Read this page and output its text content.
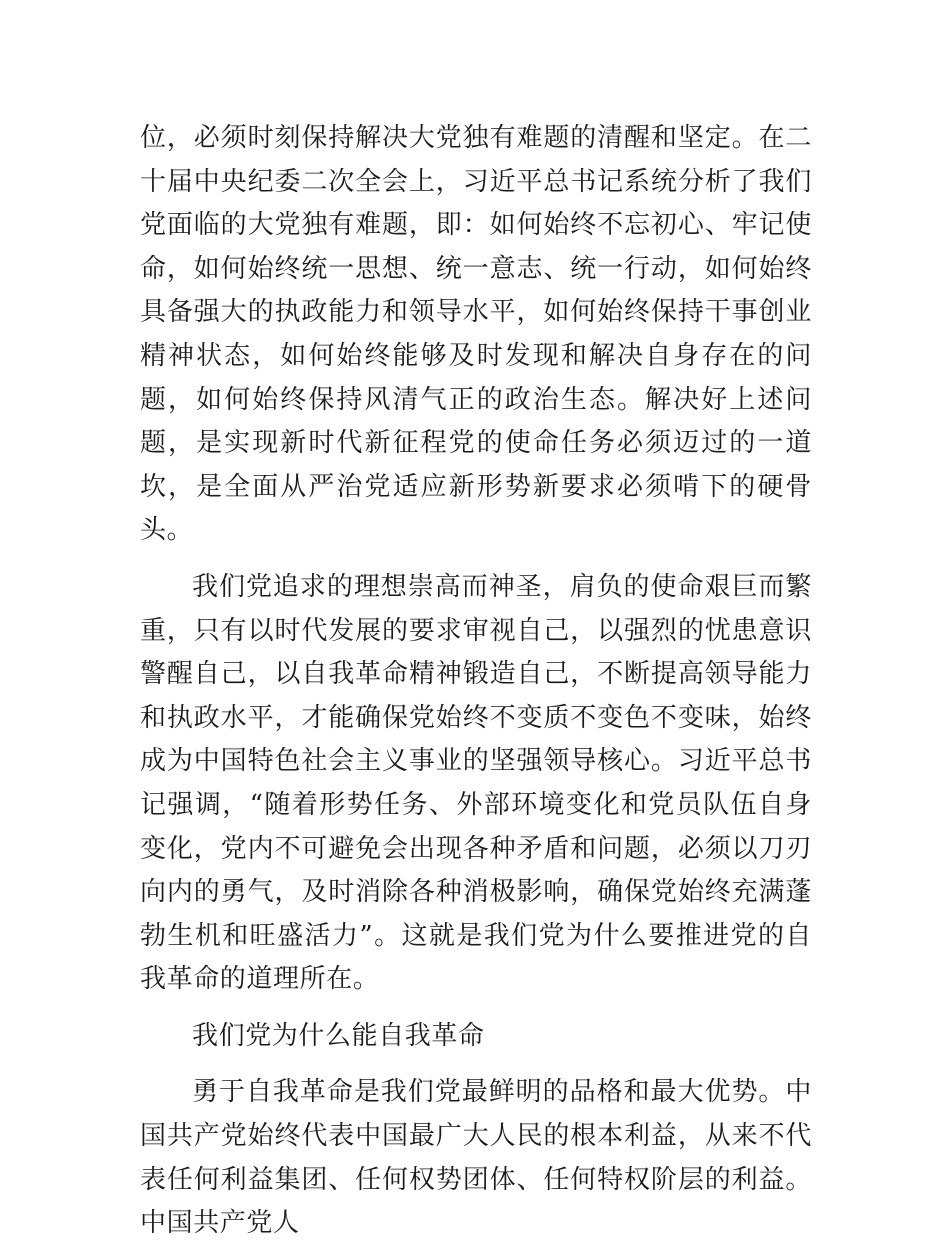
位，必须时刻保持解决大党独有难题的清醒和坚定。在二十届中央纪委二次全会上，习近平总书记系统分析了我们党面临的大党独有难题，即：如何始终不忘初心、牢记使命，如何始终统一思想、统一意志、统一行动，如何始终具备强大的执政能力和领导水平，如何始终保持干事创业精神状态，如何始终能够及时发现和解决自身存在的问题，如何始终保持风清气正的政治生态。解决好上述问题，是实现新时代新征程党的使命任务必须迈过的一道坎，是全面从严治党适应新形势新要求必须啃下的硬骨头。

我们党追求的理想崇高而神圣，肩负的使命艰巨而繁重，只有以时代发展的要求审视自己，以强烈的忧患意识警醒自己，以自我革命精神锻造自己，不断提高领导能力和执政水平，才能确保党始终不变质不变色不变味，始终成为中国特色社会主义事业的坚强领导核心。习近平总书记强调，“随着形势任务、外部环境变化和党员队伍自身变化，党内不可避免会出现各种矛盾和问题，必须以刀刃向内的勇气，及时消除各种消极影响，确保党始终充满蓬勃生机和旺盛活力”。这就是我们党为什么要推进党的自我革命的道理所在。

我们党为什么能自我革命

勇于自我革命是我们党最鲜明的品格和最大优势。中国共产党始终代表中国最广大人民的根本利益，从来不代表任何利益集团、任何权势团体、任何特权阶层的利益。中国共产党人
